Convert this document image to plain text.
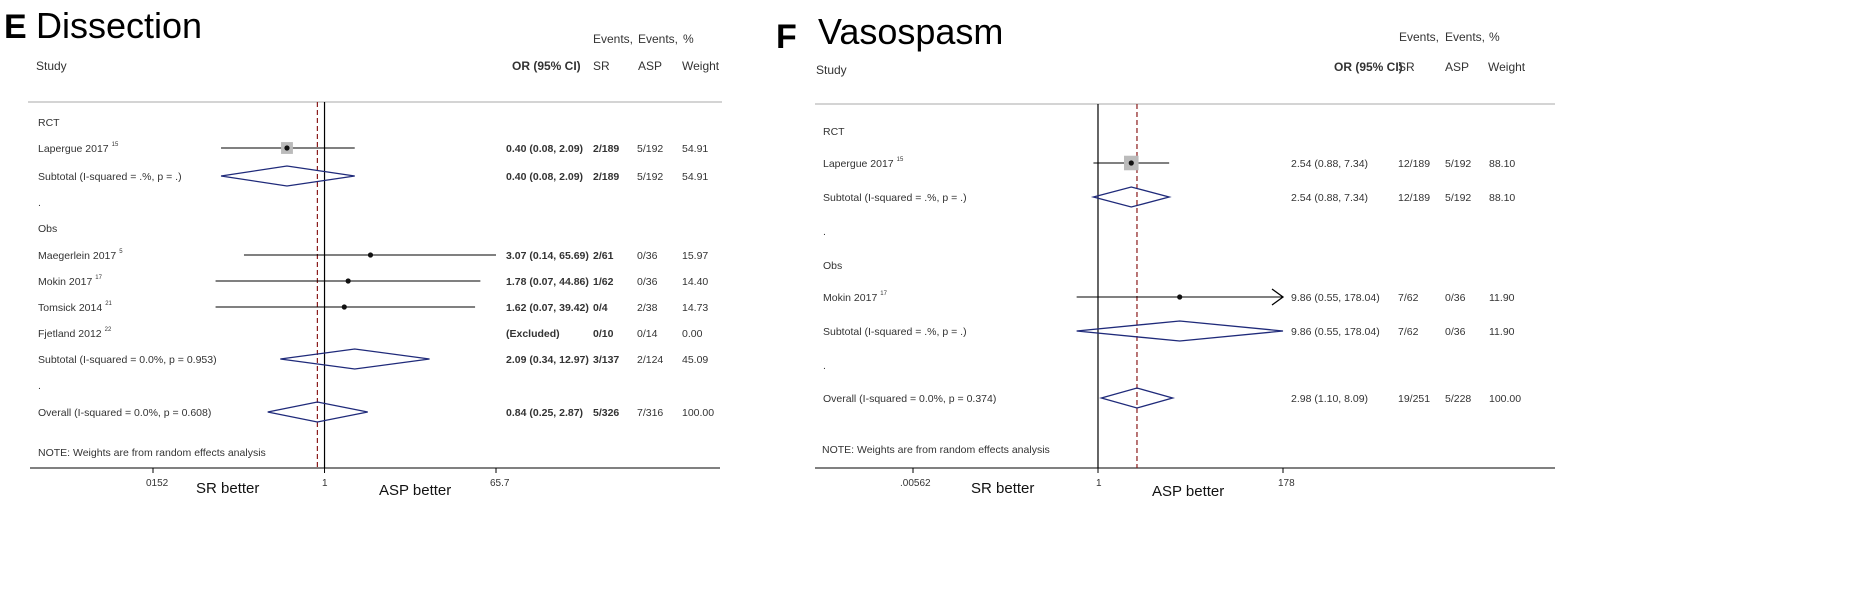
E Dissection
Study	OR (95% CI)
Events,
SR
Events,
ASP
%
Weight
NOTE: Weights are from random effects analysis
0152	1	65.7
SR better	ASP better
RCT
Lapergue 2017 15	0.40 (0.08, 2.09) 2/189 5/192 54.91
Subtotal (I-squared = .%, p = .)	0.40 (0.08, 2.09) 2/189 5/192 54.91
.
Obs
Maegerlein 2017 5	3.07 (0.14, 65.69) 2/61 0/36 15.97
Mokin 2017 17	1.78 (0.07, 44.86) 1/62 0/36 14.40
Tomsick 2014 21	1.62 (0.07, 39.42) 0/4	2/38 14.73
Fjetland 2012 22	(Excluded)	0/10 0/14 0.00
Subtotal (I-squared = 0.0%, p = 0.953)	2.09 (0.34, 12.97) 3/137 2/124 45.09
.
Overall (I-squared = 0.0%, p = 0.608)	0.84 (0.25, 2.87) 5/326 7/316 100.00
Vasospasm
Study	OR (95% CI)
Events,
SR
Events,
ASP
%
Weight
NOTE: Weights are from random effects analysis
.00562	1	178
SR better	ASP better
F
RCT
Lapergue 2017 15	2.54 (0.88, 7.34)	12/189 5/192 88.10
Subtotal (I-squared = .%, p = .)	2.54 (0.88, 7.34)	12/189 5/192 88.10
.
Obs
Mokin 2017 17	9.86 (0.55, 178.04) 7/62	0/36 11.90
Subtotal (I-squared = .%, p = .)	9.86 (0.55, 178.04) 7/62	0/36 11.90
.
Overall (I-squared = 0.0%, p = 0.374)	2.98 (1.10, 8.09)	19/251 5/228 100.00
